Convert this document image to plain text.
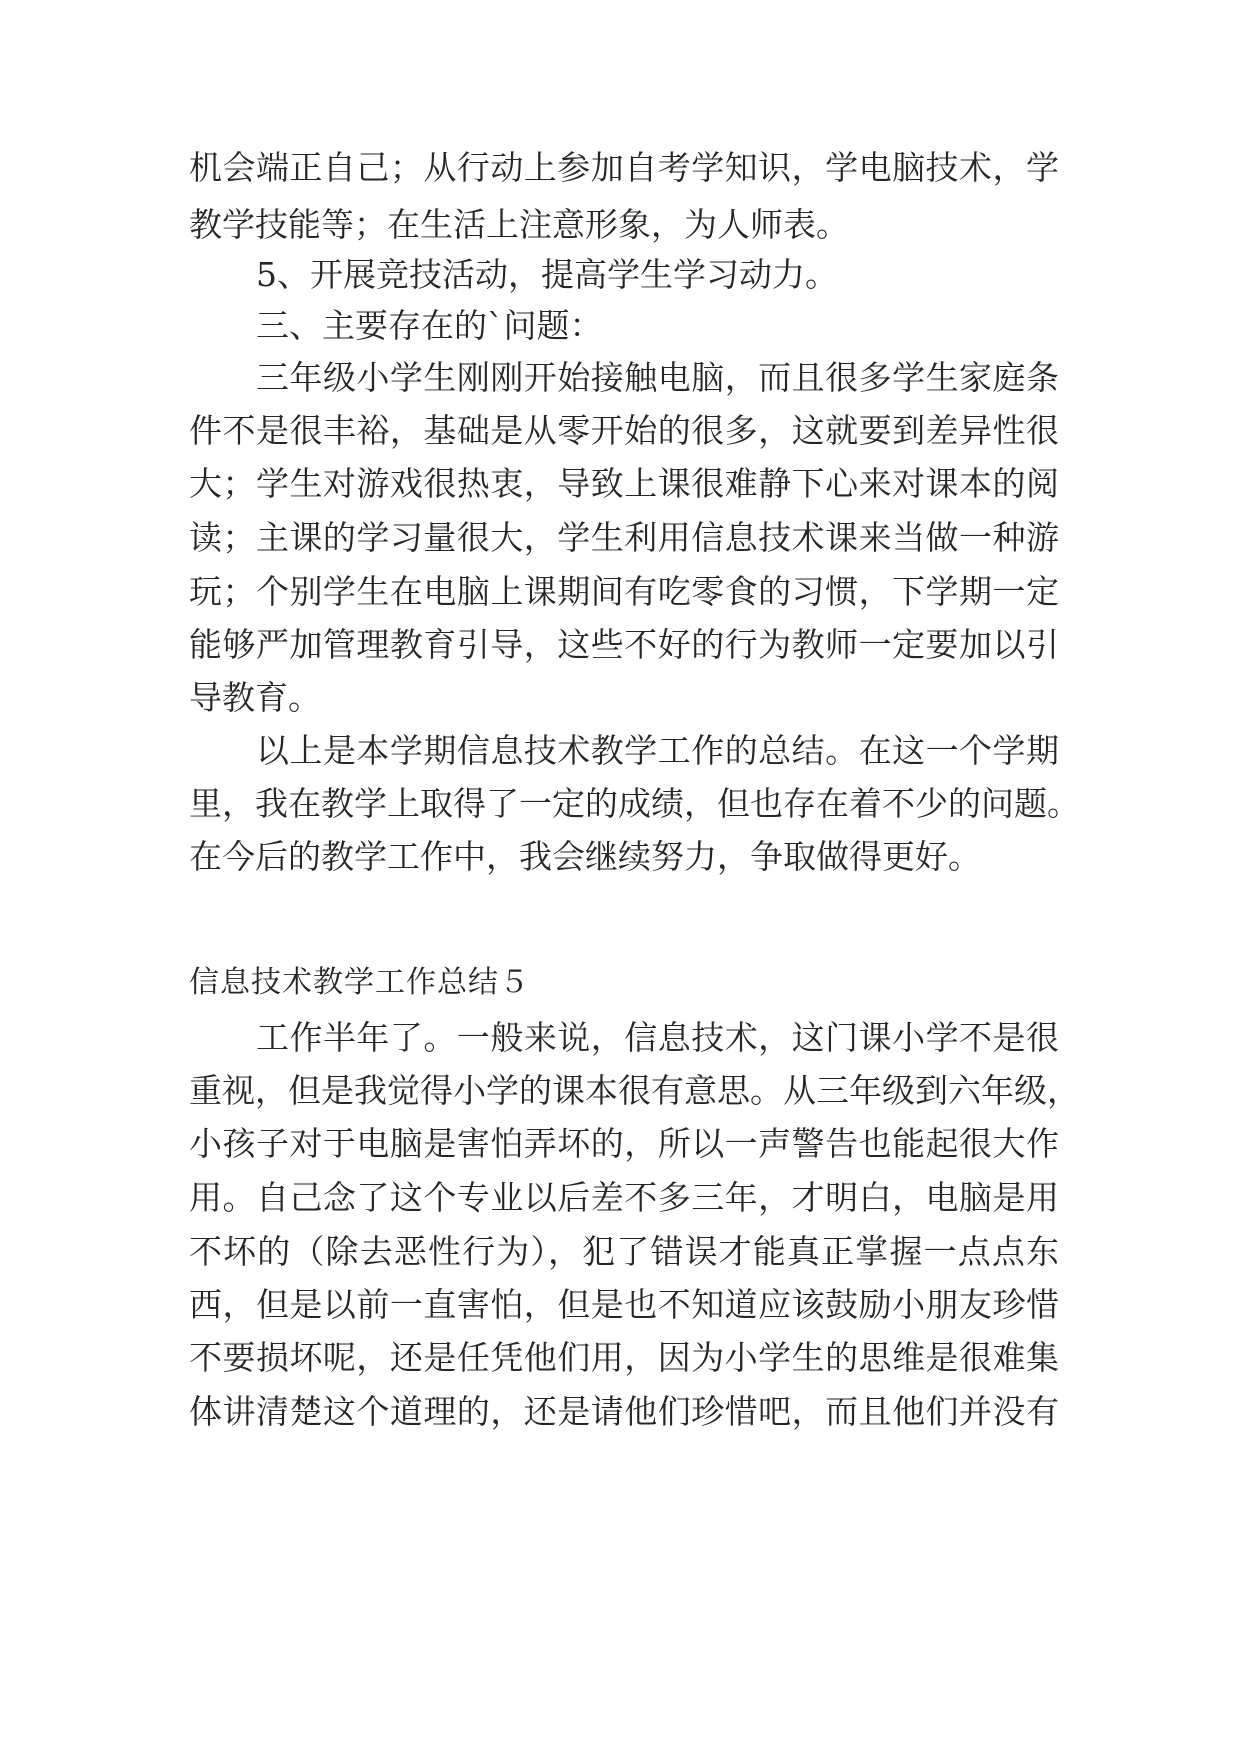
机会端正自己；从行动上参加自考学知识，学电脑技术，学
教学技能等；在生活上注意形象，为人师表。
5、开展竞技活动，提高学生学习动力。
三、主要存在的`问题：
三年级小学生刚刚开始接触电脑，而且很多学生家庭条
件不是很丰裕，基础是从零开始的很多，这就要到差异性很
大；学生对游戏很热衷，导致上课很难静下心来对课本的阅
读；主课的学习量很大，学生利用信息技术课来当做一种游
玩；个别学生在电脑上课期间有吃零食的习惯，下学期一定
能够严加管理教育引导，这些不好的行为教师一定要加以引
导教育。
以上是本学期信息技术教学工作的总结。在这一个学期
里，我在教学上取得了一定的成绩，但也存在着不少的问题。
在今后的教学工作中，我会继续努力，争取做得更好。
信息技术教学工作总结５
工作半年了。一般来说，信息技术，这门课小学不是很
重视，但是我觉得小学的课本很有意思。从三年级到六年级，
小孩子对于电脑是害怕弄坏的，所以一声警告也能起很大作
用。自己念了这个专业以后差不多三年，才明白，电脑是用
不坏的（除去恶性行为），犯了错误才能真正掌握一点点东
西，但是以前一直害怕，但是也不知道应该鼓励小朋友珍惜
不要损坏呢，还是任凭他们用，因为小学生的思维是很难集
体讲清楚这个道理的，还是请他们珍惜吧，而且他们并没有
